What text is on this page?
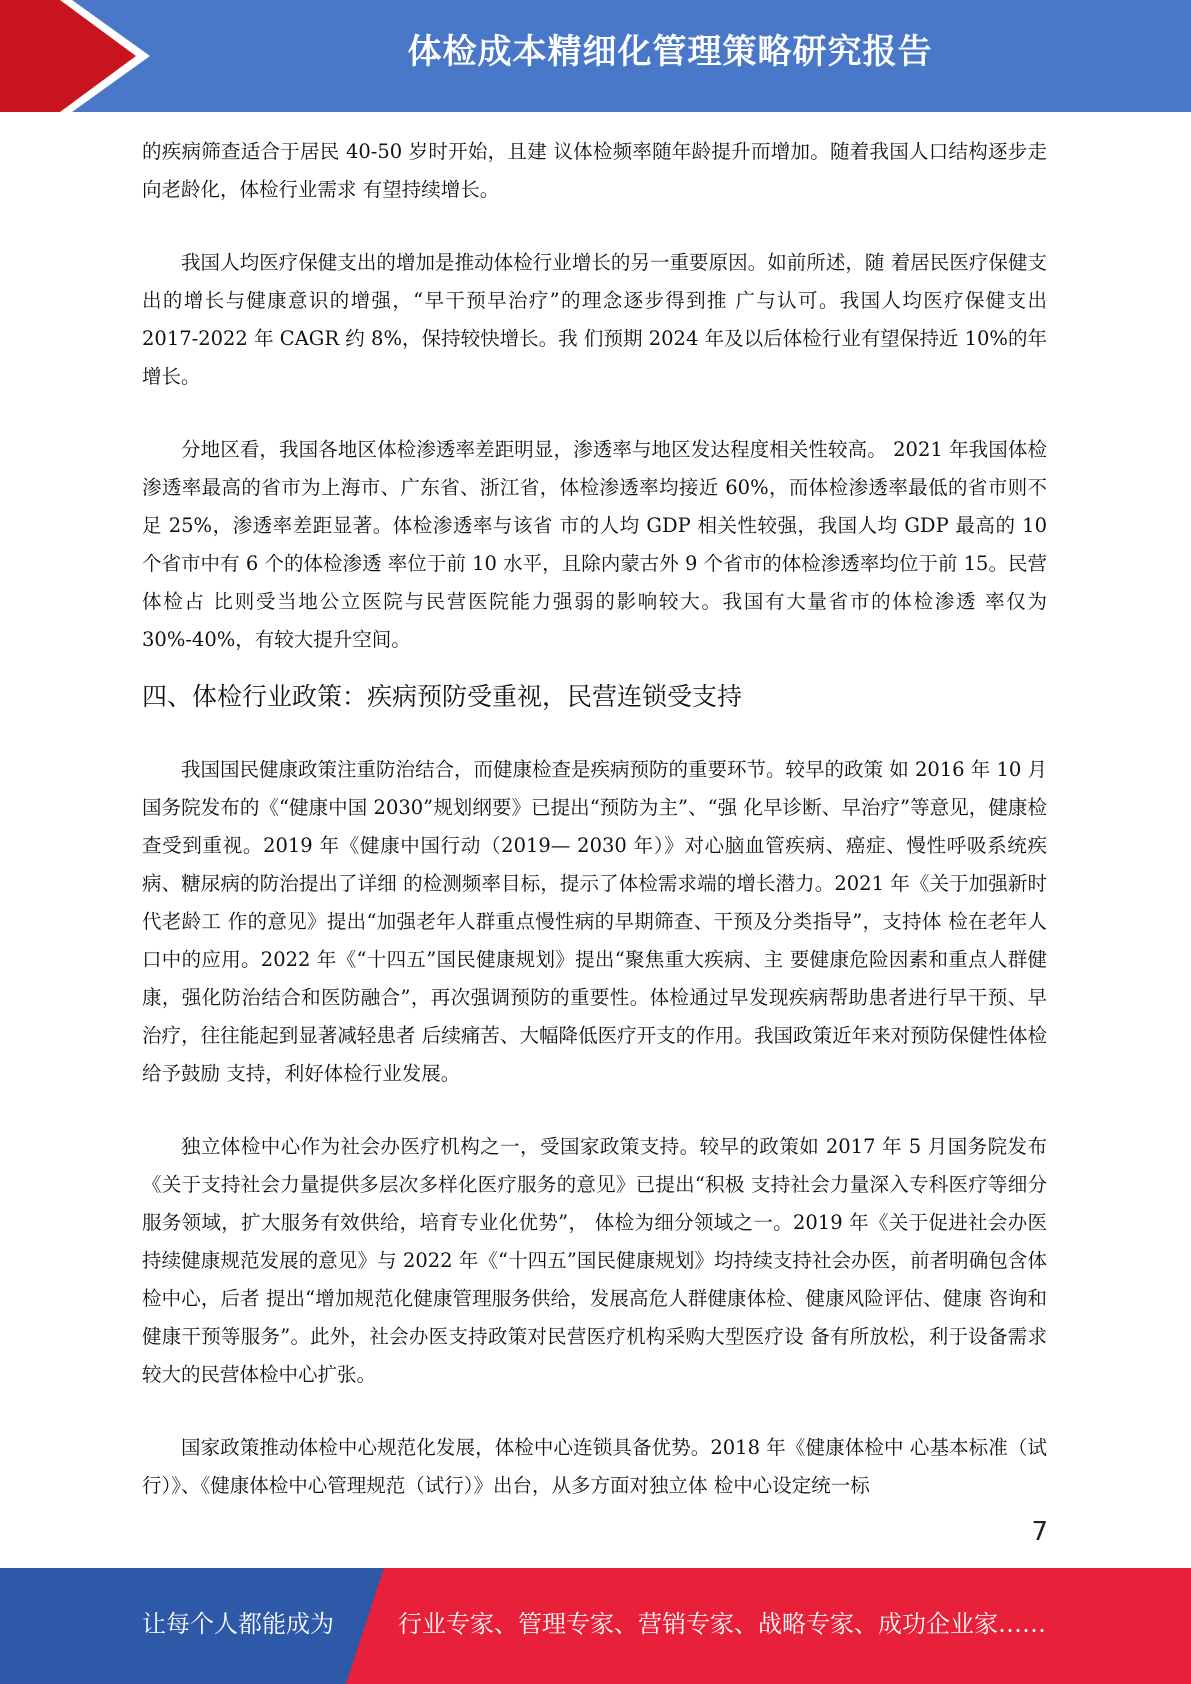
体检成本精细化管理策略研究报告

的疾病筛查适合于居民 40-50 岁时开始，且建 议体检频率随年龄提升而增加。随着我国人口结构逐步走向老龄化，体检行业需求 有望持续增长。

我国人均医疗保健支出的增加是推动体检行业增长的另一重要原因。如前所述，随 着居民医疗保健支出的增长与健康意识的增强，“早干预早治疗”的理念逐步得到推 广与认可。我国人均医疗保健支出 2017-2022 年 CAGR 约 8%，保持较快增长。我 们预期 2024 年及以后体检行业有望保持近 10%的年增长。

分地区看，我国各地区体检渗透率差距明显，渗透率与地区发达程度相关性较高。 2021 年我国体检渗透率最高的省市为上海市、广东省、浙江省，体检渗透率均接近 60%，而体检渗透率最低的省市则不足 25%，渗透率差距显著。体检渗透率与该省 市的人均 GDP 相关性较强，我国人均 GDP 最高的 10 个省市中有 6 个的体检渗透 率位于前 10 水平，且除内蒙古外 9 个省市的体检渗透率均位于前 15。民营体检占 比则受当地公立医院与民营医院能力强弱的影响较大。我国有大量省市的体检渗透 率仅为 30%-40%，有较大提升空间。

四、体检行业政策：疾病预防受重视，民营连锁受支持

我国国民健康政策注重防治结合，而健康检查是疾病预防的重要环节。较早的政策 如 2016 年 10 月国务院发布的《“健康中国 2030”规划纲要》已提出“预防为主”、“强 化早诊断、早治疗”等意见，健康检查受到重视。2019 年《健康中国行动（2019— 2030 年）》对心脑血管疾病、癌症、慢性呼吸系统疾病、糖尿病的防治提出了详细 的检测频率目标，提示了体检需求端的增长潜力。2021 年《关于加强新时代老龄工 作的意见》提出“加强老年人群重点慢性病的早期筛查、干预及分类指导”，支持体 检在老年人口中的应用。2022 年《“十四五”国民健康规划》提出“聚焦重大疾病、主 要健康危险因素和重点人群健康，强化防治结合和医防融合”，再次强调预防的重要性。体检通过早发现疾病帮助患者进行早干预、早治疗，往往能起到显著减轻患者 后续痛苦、大幅降低医疗开支的作用。我国政策近年来对预防保健性体检给予鼓励 支持，利好体检行业发展。

独立体检中心作为社会办医疗机构之一，受国家政策支持。较早的政策如 2017 年 5 月国务院发布《关于支持社会力量提供多层次多样化医疗服务的意见》已提出“积极 支持社会力量深入专科医疗等细分服务领域，扩大服务有效供给，培育专业化优势”， 体检为细分领域之一。2019 年《关于促进社会办医持续健康规范发展的意见》与 2022 年《“十四五”国民健康规划》均持续支持社会办医，前者明确包含体检中心，后者 提出“增加规范化健康管理服务供给，发展高危人群健康体检、健康风险评估、健康 咨询和健康干预等服务”。此外，社会办医支持政策对民营医疗机构采购大型医疗设 备有所放松，利于设备需求较大的民营体检中心扩张。

国家政策推动体检中心规范化发展，体检中心连锁具备优势。2018 年《健康体检中 心基本标准（试行）》、《健康体检中心管理规范（试行）》出台，从多方面对独立体 检中心设定统一标

7
让每个人都能成为	行业专家、管理专家、营销专家、战略专家、成功企业家……
